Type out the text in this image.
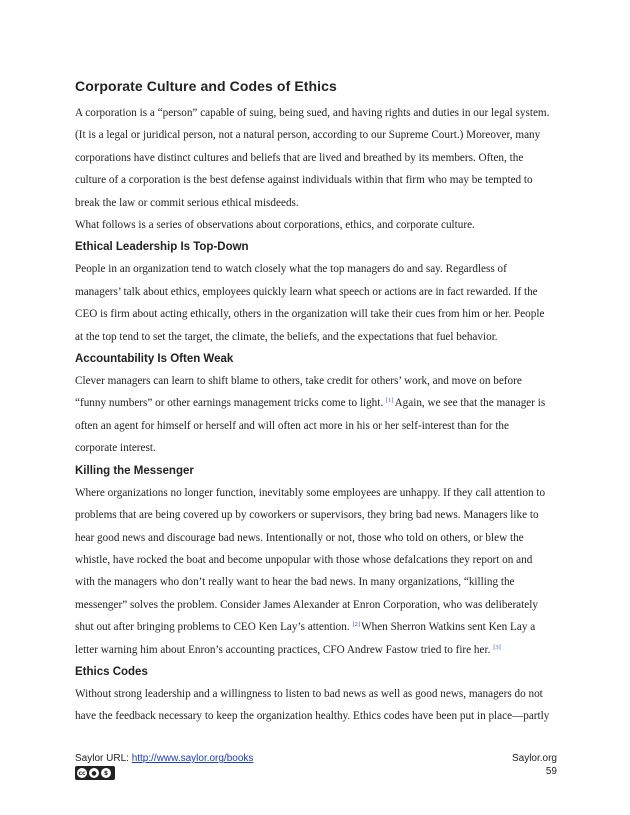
Corporate Culture and Codes of Ethics

A corporation is a “person” capable of suing, being sued, and having rights and duties in our legal system. (It is a legal or juridical person, not a natural person, according to our Supreme Court.) Moreover, many corporations have distinct cultures and beliefs that are lived and breathed by its members. Often, the culture of a corporation is the best defense against individuals within that firm who may be tempted to break the law or commit serious ethical misdeeds.

What follows is a series of observations about corporations, ethics, and corporate culture.

Ethical Leadership Is Top-Down

People in an organization tend to watch closely what the top managers do and say. Regardless of managers’ talk about ethics, employees quickly learn what speech or actions are in fact rewarded. If the CEO is firm about acting ethically, others in the organization will take their cues from him or her. People at the top tend to set the target, the climate, the beliefs, and the expectations that fuel behavior.

Accountability Is Often Weak

Clever managers can learn to shift blame to others, take credit for others’ work, and move on before “funny numbers” or other earnings management tricks come to light. [1]Again, we see that the manager is often an agent for himself or herself and will often act more in his or her self-interest than for the corporate interest.

Killing the Messenger

Where organizations no longer function, inevitably some employees are unhappy. If they call attention to problems that are being covered up by coworkers or supervisors, they bring bad news. Managers like to hear good news and discourage bad news. Intentionally or not, those who told on others, or blew the whistle, have rocked the boat and become unpopular with those whose defalcations they report on and with the managers who don’t really want to hear the bad news. In many organizations, “killing the messenger” solves the problem. Consider James Alexander at Enron Corporation, who was deliberately shut out after bringing problems to CEO Ken Lay’s attention. [2]When Sherron Watkins sent Ken Lay a letter warning him about Enron’s accounting practices, CFO Andrew Fastow tried to fire her. [3]

Ethics Codes

Without strong leadership and a willingness to listen to bad news as well as good news, managers do not have the feedback necessary to keep the organization healthy. Ethics codes have been put in place—partly

Saylor URL: http://www.saylor.org/books	Saylor.org
59
cc ●	$
